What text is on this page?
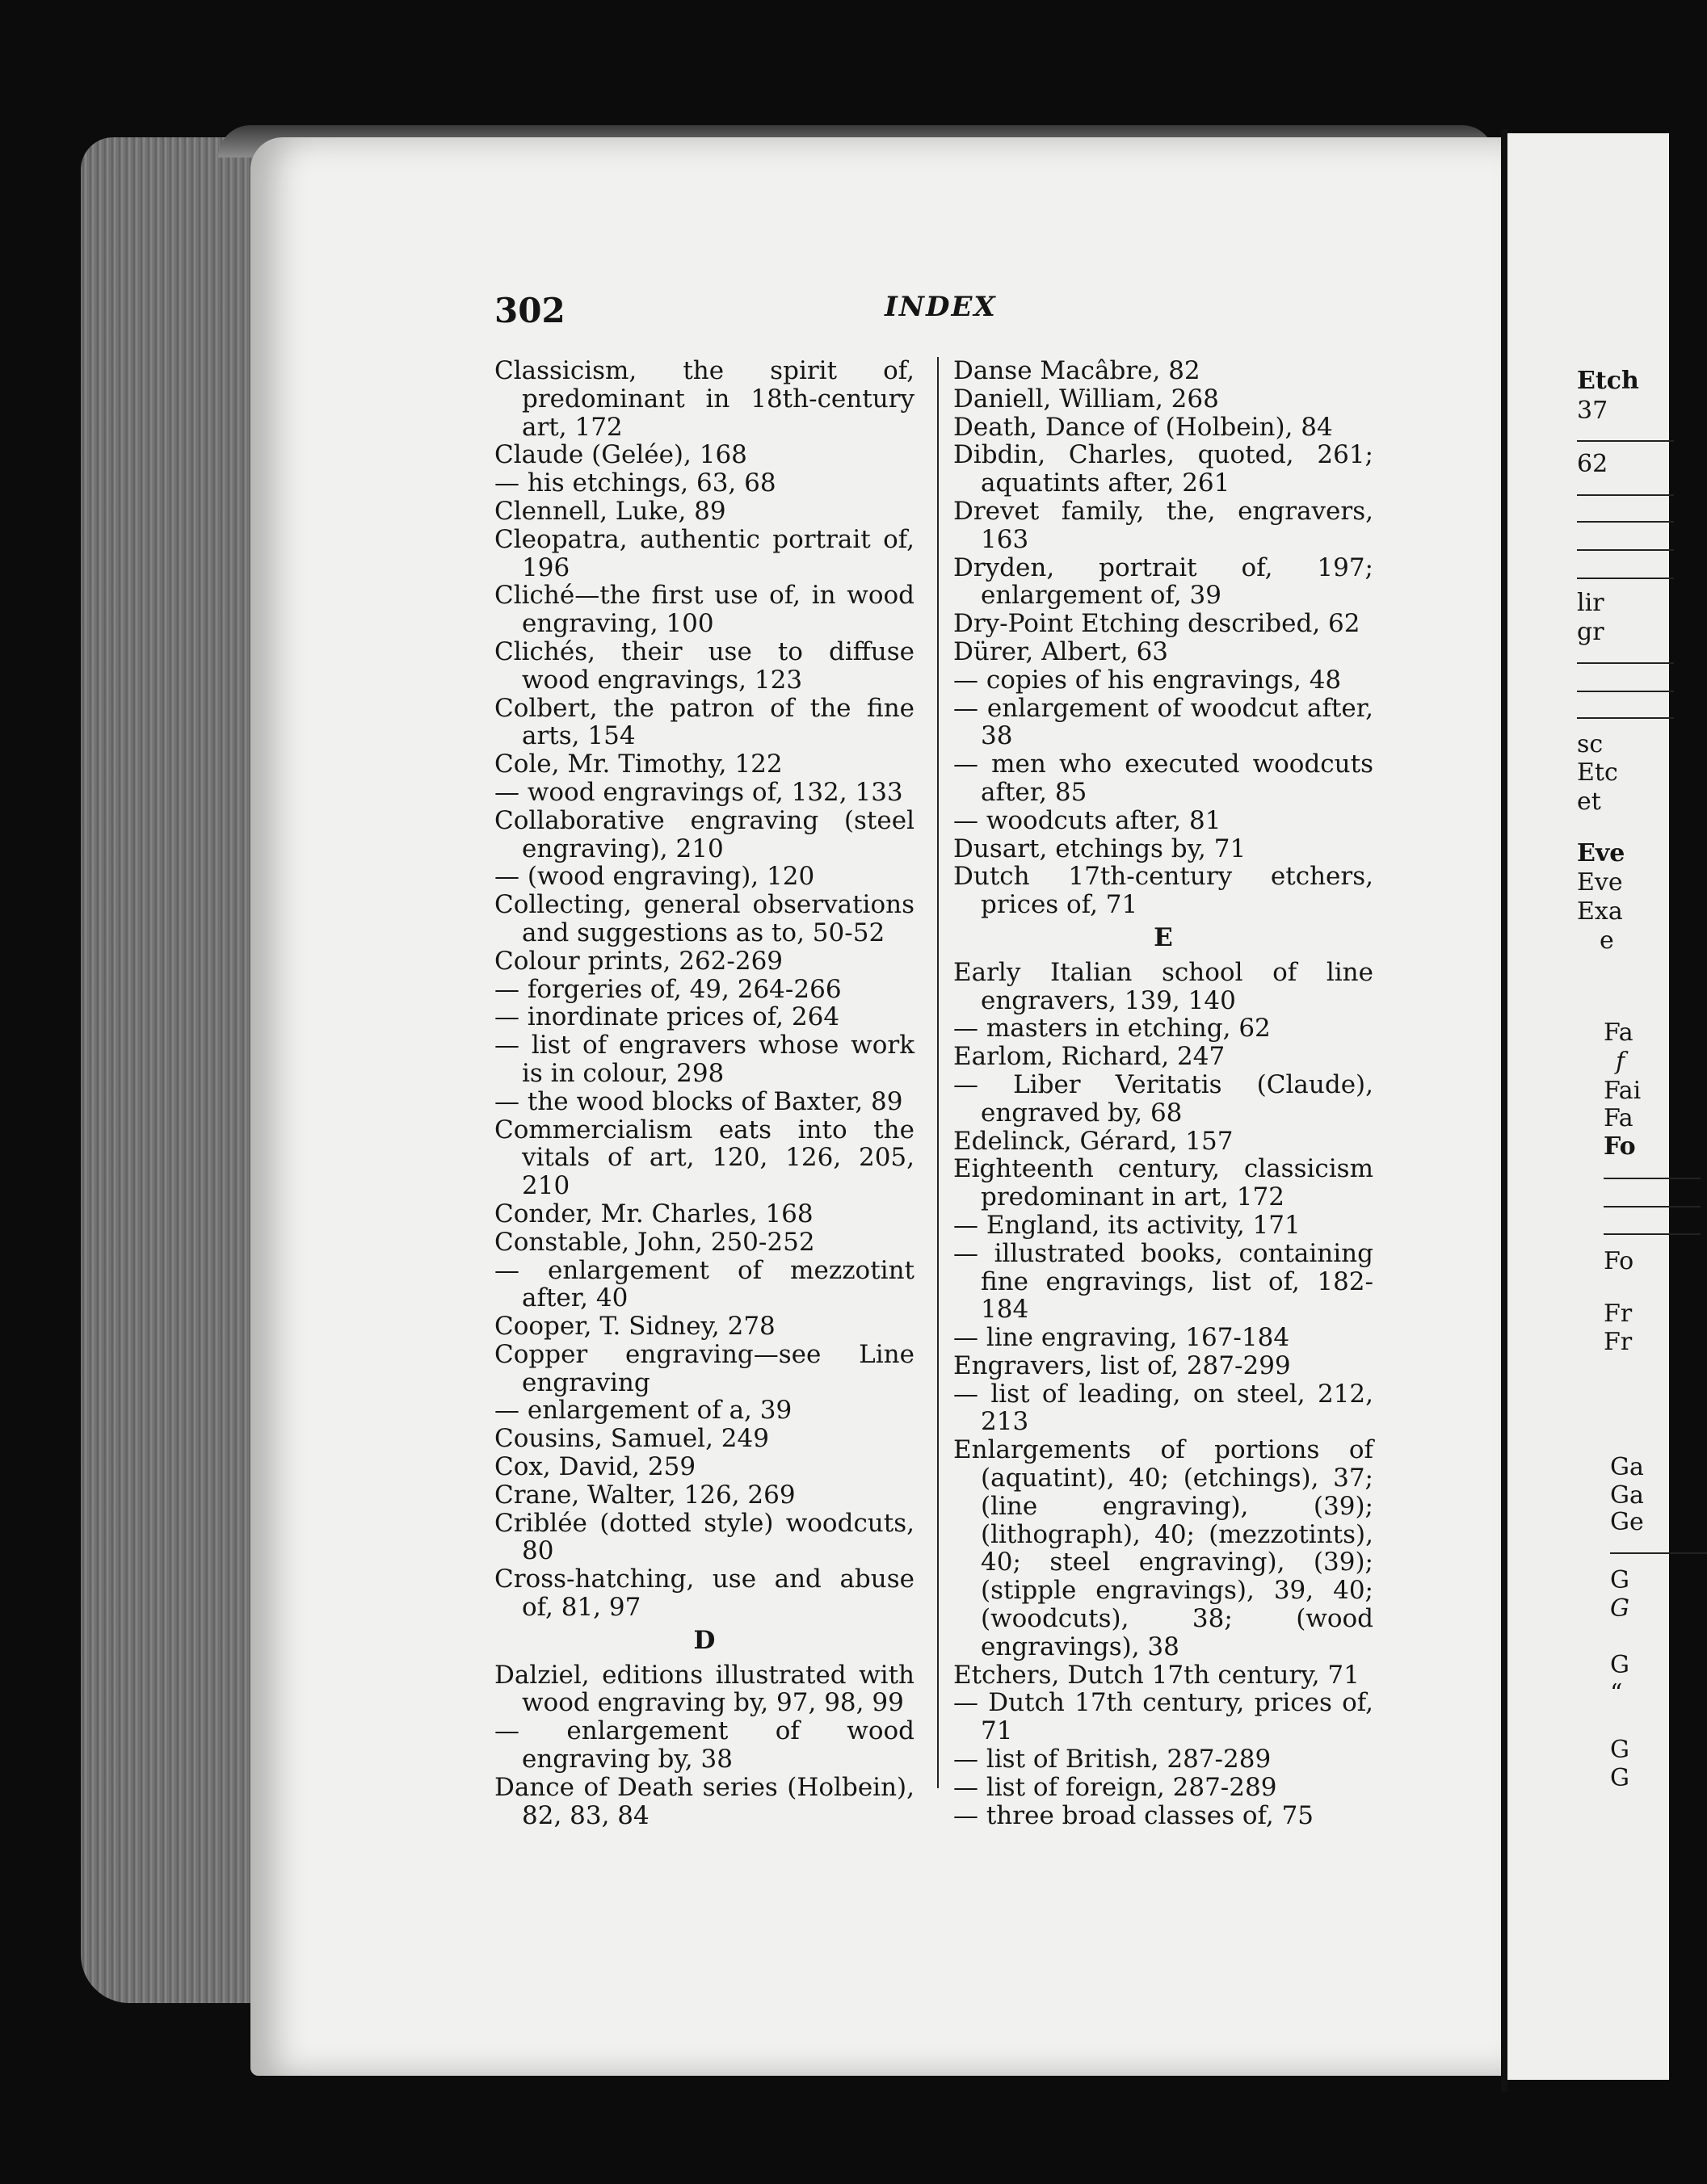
302	INDEX

Classicism, the spirit of, predominant in 18th-century art, 172

Claude (Gelée), 168

— his etchings, 63, 68

Clennell, Luke, 89

Cleopatra, authentic portrait of, 196

Cliché—the first use of, in wood engraving, 100

Clichés, their use to diffuse wood engravings, 123

Colbert, the patron of the fine arts, 154

Cole, Mr. Timothy, 122

— wood engravings of, 132, 133

Collaborative engraving (steel engraving), 210

— (wood engraving), 120

Collecting, general observations and suggestions as to, 50-52

Colour prints, 262-269

— forgeries of, 49, 264-266

— inordinate prices of, 264

— list of engravers whose work is in colour, 298

— the wood blocks of Baxter, 89

Commercialism eats into the vitals of art, 120, 126, 205, 210

Conder, Mr. Charles, 168

Constable, John, 250-252

— enlargement of mezzotint after, 40

Cooper, T. Sidney, 278

Copper engraving—see Line engraving

— enlargement of a, 39

Cousins, Samuel, 249

Cox, David, 259

Crane, Walter, 126, 269

Criblée (dotted style) woodcuts, 80

Cross-hatching, use and abuse of, 81, 97

D

Dalziel, editions illustrated with wood engraving by, 97, 98, 99

— enlargement of wood engraving by, 38

Dance of Death series (Holbein), 82, 83, 84

Danse Macâbre, 82

Daniell, William, 268

Death, Dance of (Holbein), 84

Dibdin, Charles, quoted, 261; aquatints after, 261

Drevet family, the, engravers, 163

Dryden, portrait of, 197; enlargement of, 39

Dry-Point Etching described, 62

Dürer, Albert, 63

— copies of his engravings, 48

— enlargement of woodcut after, 38

— men who executed woodcuts after, 85

— woodcuts after, 81

Dusart, etchings by, 71

Dutch 17th-century etchers, prices of, 71

E

Early Italian school of line engravers, 139, 140

— masters in etching, 62

Earlom, Richard, 247

— Liber Veritatis (Claude), engraved by, 68

Edelinck, Gérard, 157

Eighteenth century, classicism predominant in art, 172

— England, its activity, 171

— illustrated books, containing fine engravings, list of, 182-184

— line engraving, 167-184

Engravers, list of, 287-299

— list of leading, on steel, 212, 213

Enlargements of portions of (aquatint), 40; (etchings), 37; (line engraving), (39); (lithograph), 40; (mezzotints), 40; steel engraving), (39); (stipple engravings), 39, 40; (woodcuts), 38; (wood engravings), 38

Etchers, Dutch 17th century, 71

— Dutch 17th century, prices of, 71

— list of British, 287-289

— list of foreign, 287-289

— three broad classes of, 75

Etch
37
62
lir
gr
sc
Etc
et
Eve
Eve
Exa
e
Fa
f
Fai
Fa
Fo
Fo
Fr
Fr
Ga
Ga
Ge
G
G
G
“
G
G
